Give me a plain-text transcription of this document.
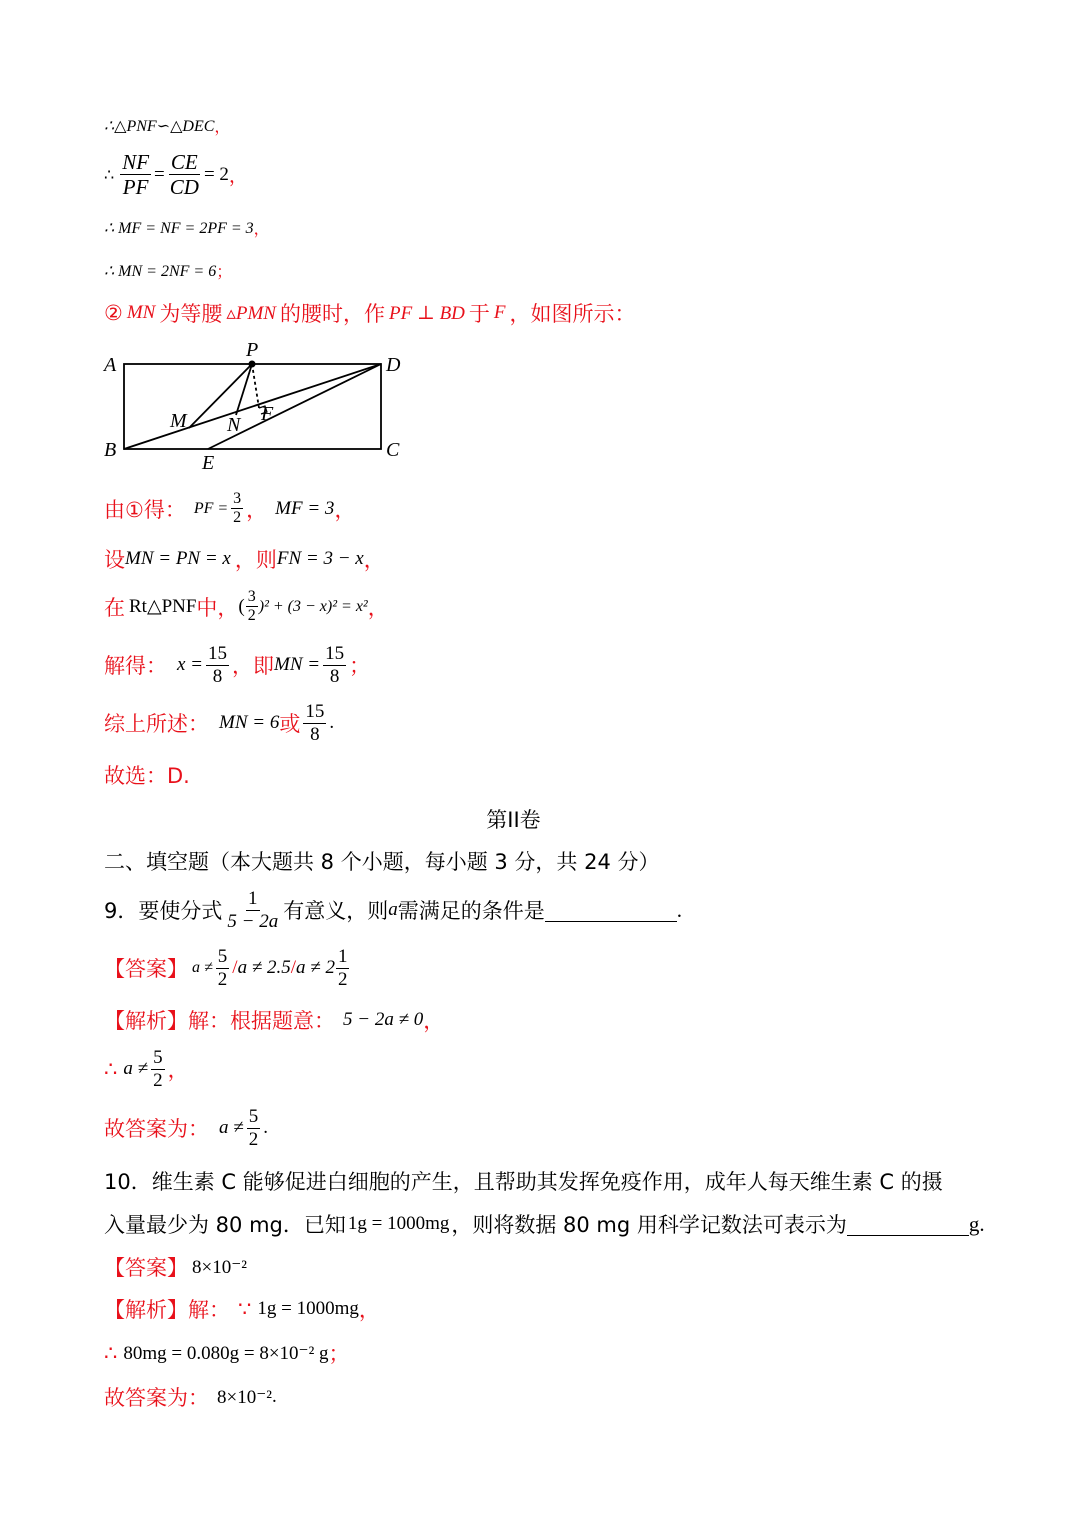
∴△PNF∽△DEC ，
∴ $\frac{NF}{PF} = \frac{CE}{CD} = 2$ ，
∴ MF = NF = 2PF = 3 ，
∴ MN = 2NF = 6 ；
② MN 为等腰 ▵PMN 的腰时，作 PF ⊥ BD 于 F ，如图所示：
A
P
D
B	C
E
M N F
由①得： PF = $\frac{3}{2}$ ， MF = 3 ，
设 MN = PN = x ，则 FN = 3 − x ，
在 Rt△PNF 中， ( $\frac{3}{2} )^2 + (3 - x)^2 = x^2$ ，
解得： $x = \frac{15}{8}$ ，即 MN = $\frac{15}{8}$ ；
综上所述： MN = 6 或 $\frac{15}{8}$ .
故选：D.
第II卷
二、填空题（本大题共 8 个小题，每小题 3 分，共 24 分）
9．要使分式 $\frac{1}{5 - 2a}$ 有意义，则 a 需满足的条件是	.
【答案】 $a \ne \frac{5}{2} / a \ne 2.5 / a \ne 2 \frac{1}{2}$
【解析】 解：根据题意： 5 − 2a ≠ 0 ，
∴ $a \ne \frac{5}{2}$ ，
故答案为： $a \ne \frac{5}{2}$ .
10．维生素 C 能够促进白细胞的产生，且帮助其发挥免疫作用，成年人每天维生素 C 的摄
入量最少为 80 mg．已知 1g = 1000mg ，则将数据 80 mg 用科学记数法可表示为	g.
【答案】 8×10⁻²
【解析】 解： ∵ 1g = 1000mg ，
∴ 80mg = 0.080g = 8×10⁻² g ；
故答案为： 8×10⁻² .
